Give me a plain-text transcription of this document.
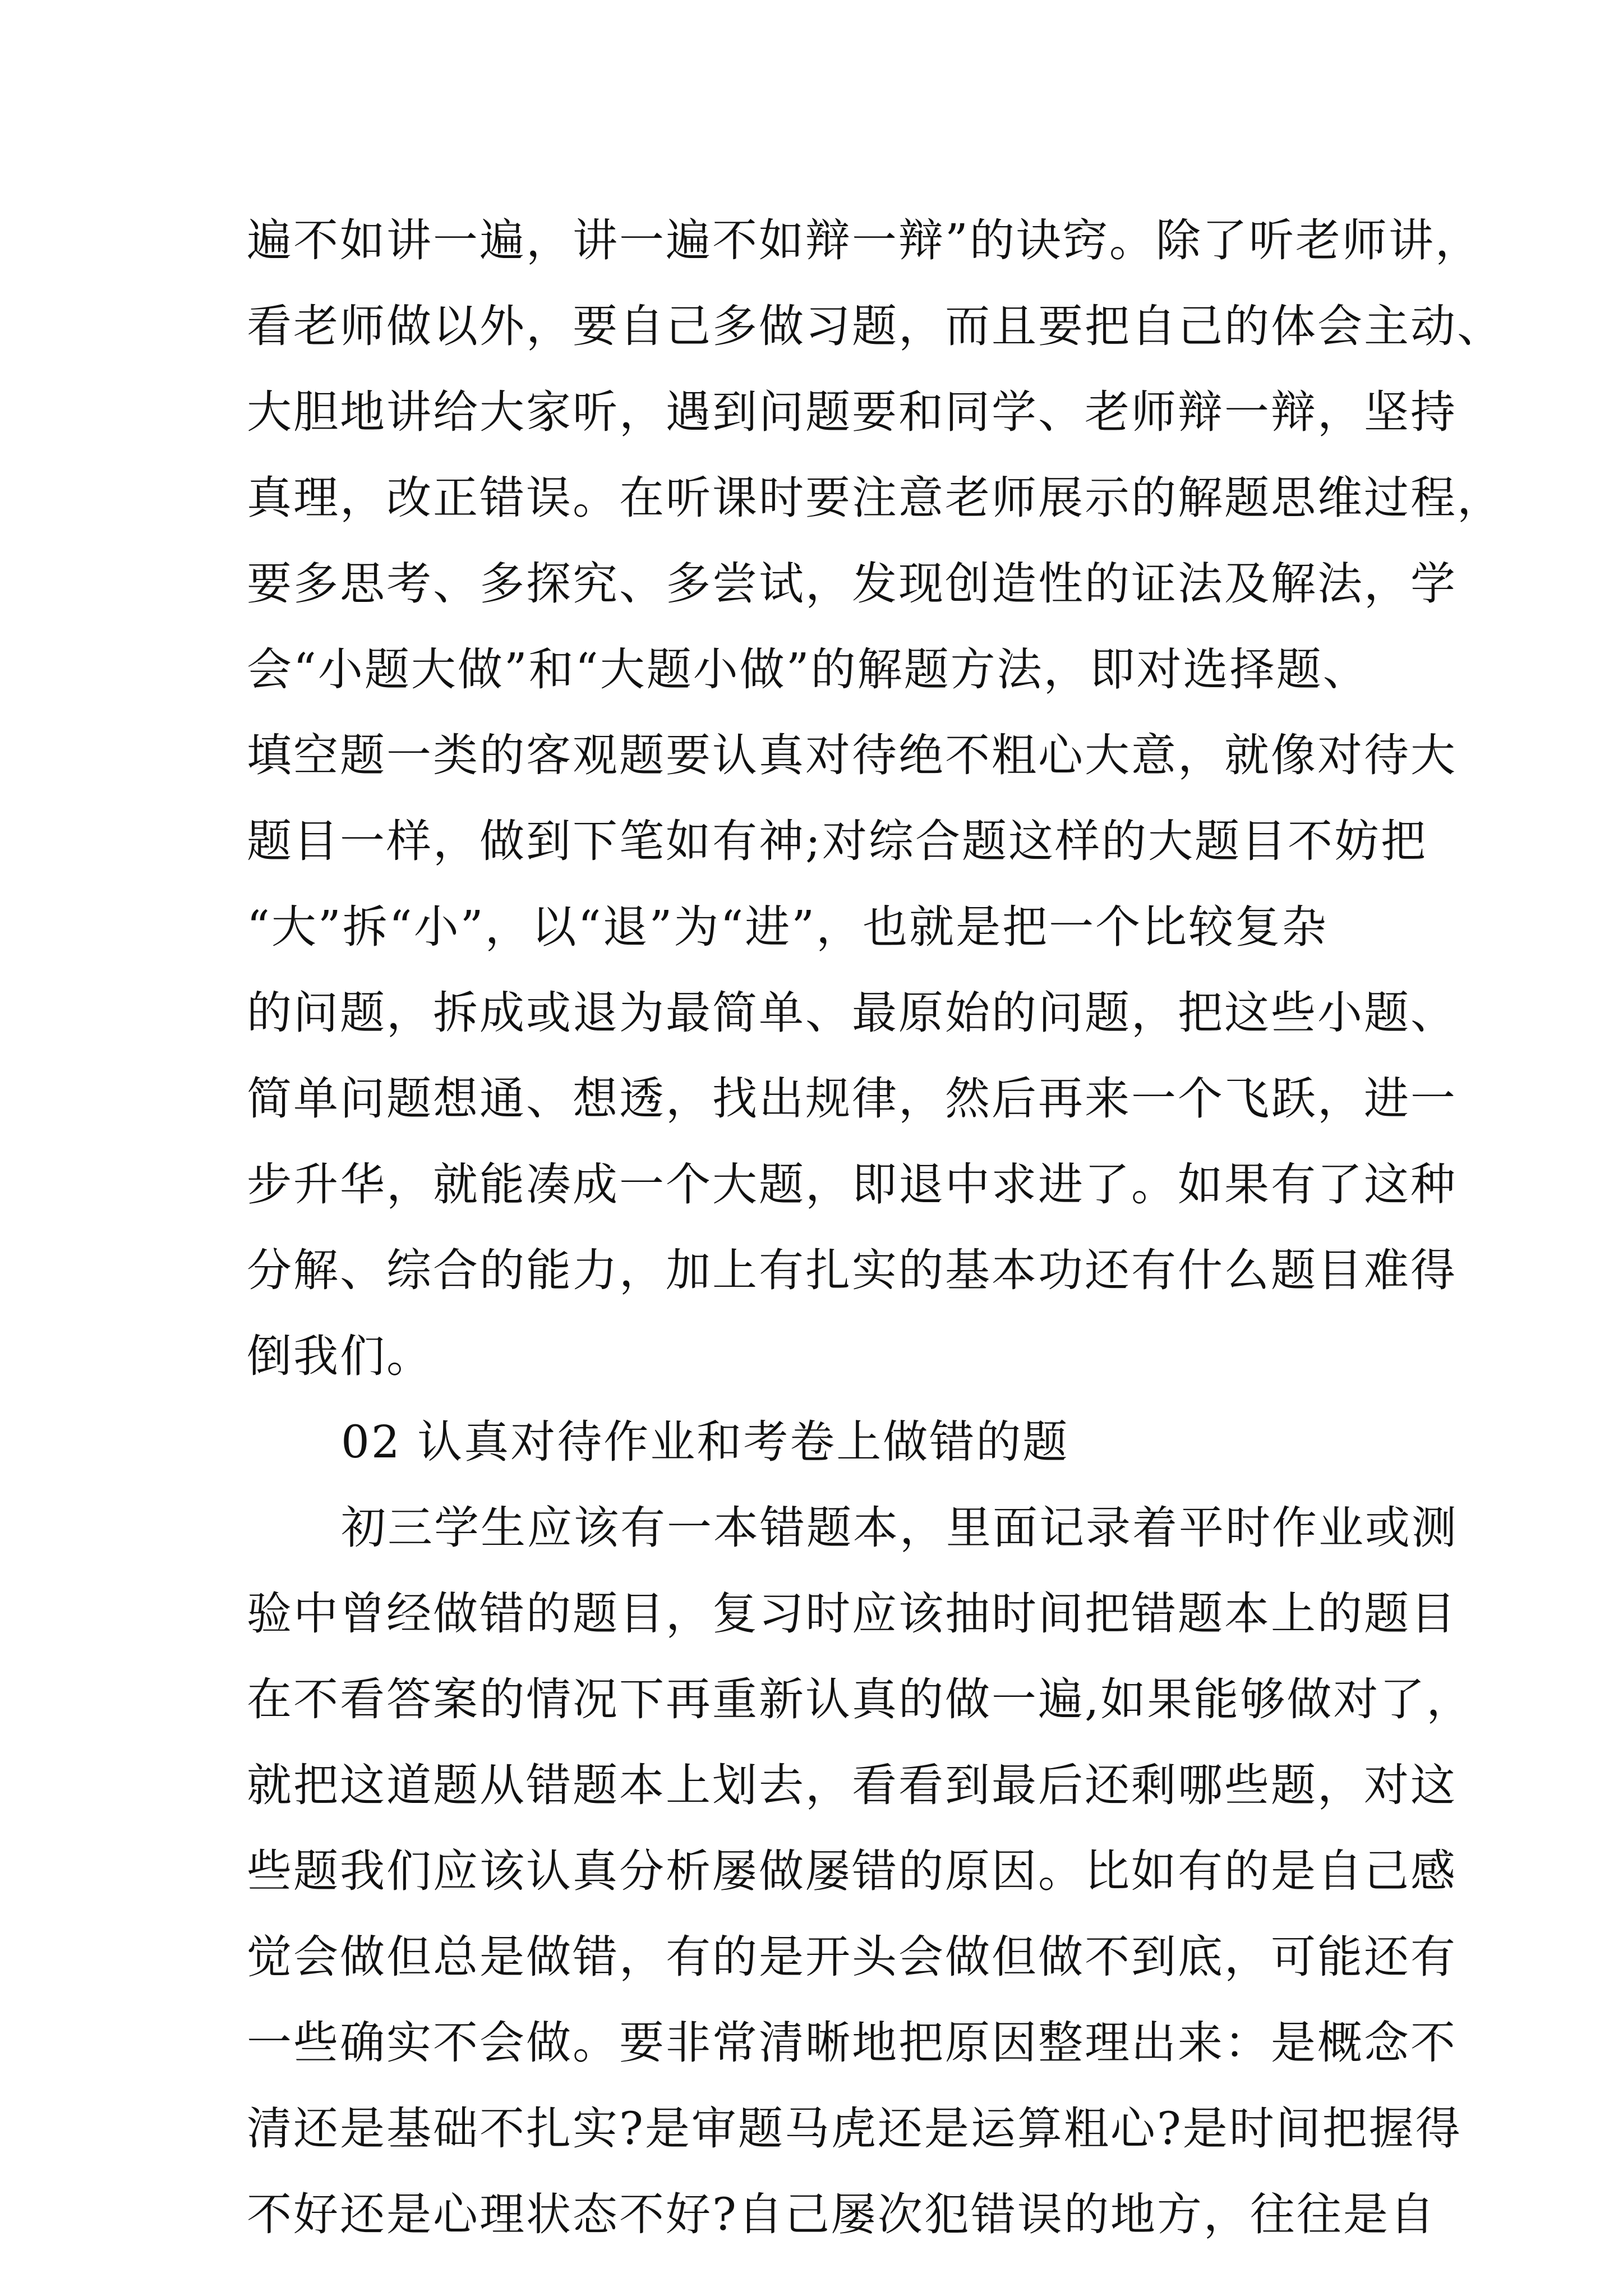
遍不如讲一遍，讲一遍不如辩一辩”的诀窍。除了听老师讲，
看老师做以外，要自己多做习题，而且要把自己的体会主动、
大胆地讲给大家听，遇到问题要和同学、老师辩一辩，坚持
真理，改正错误。在听课时要注意老师展示的解题思维过程，
要多思考、多探究、多尝试，发现创造性的证法及解法，学
会“小题大做”和“大题小做”的解题方法，即对选择题、
填空题一类的客观题要认真对待绝不粗心大意，就像对待大
题目一样，做到下笔如有神;对综合题这样的大题目不妨把
“大”拆“小”，以“退”为“进”，也就是把一个比较复杂
的问题，拆成或退为最简单、最原始的问题，把这些小题、
简单问题想通、想透，找出规律，然后再来一个飞跃，进一
步升华，就能凑成一个大题，即退中求进了。如果有了这种
分解、综合的能力，加上有扎实的基本功还有什么题目难得
倒我们。
02 认真对待作业和考卷上做错的题
初三学生应该有一本错题本，里面记录着平时作业或测
验中曾经做错的题目，复习时应该抽时间把错题本上的题目
在不看答案的情况下再重新认真的做一遍,如果能够做对了，
就把这道题从错题本上划去，看看到最后还剩哪些题，对这
些题我们应该认真分析屡做屡错的原因。比如有的是自己感
觉会做但总是做错，有的是开头会做但做不到底，可能还有
一些确实不会做。要非常清晰地把原因整理出来：是概念不
清还是基础不扎实?是审题马虎还是运算粗心?是时间把握得
不好还是心理状态不好?自己屡次犯错误的地方，往往是自
